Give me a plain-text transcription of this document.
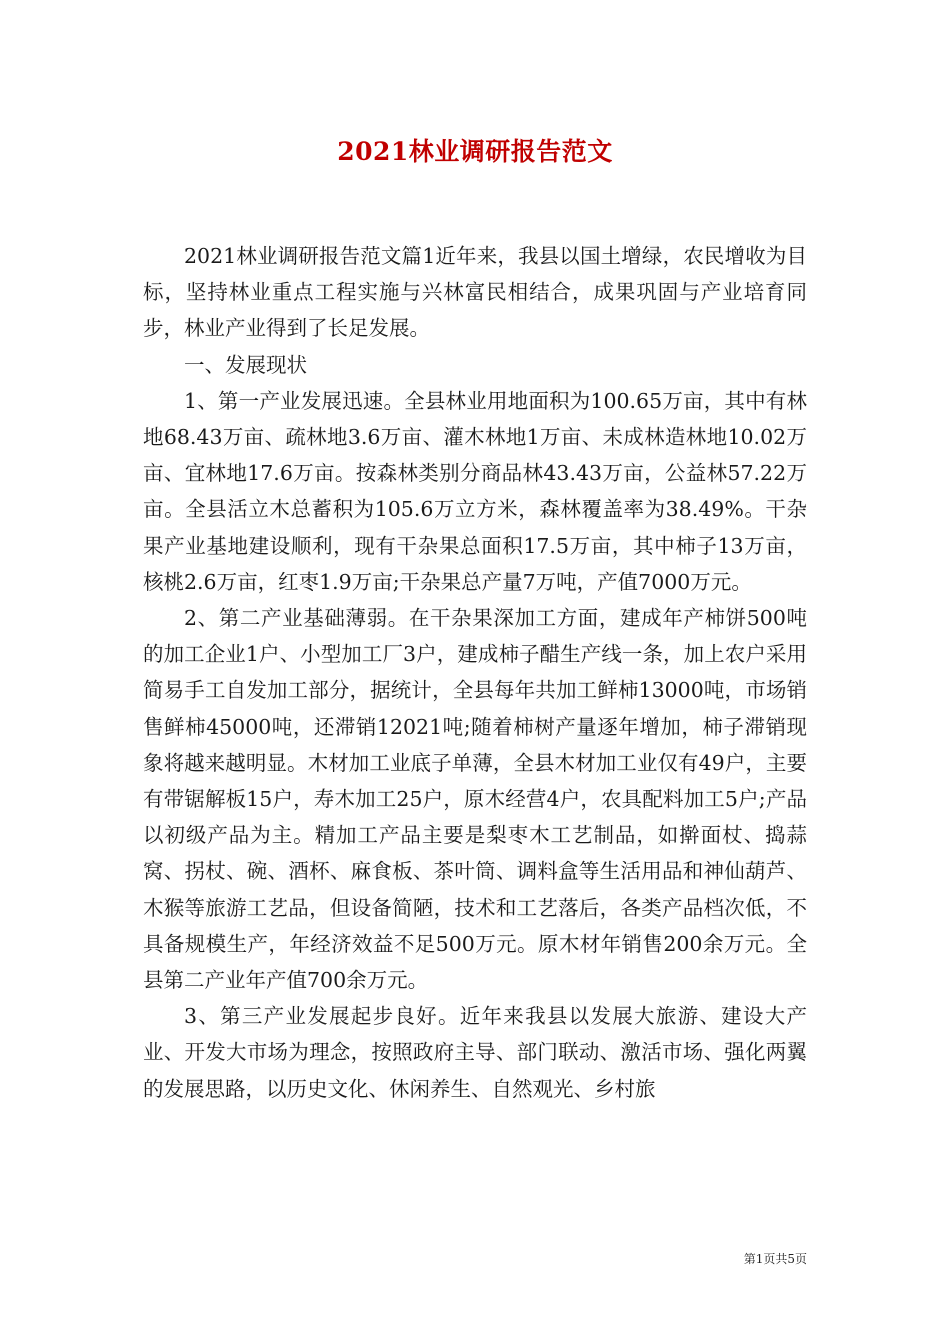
2021林业调研报告范文

2021林业调研报告范文篇1近年来，我县以国土增绿，农民增收为目标，坚持林业重点工程实施与兴林富民相结合，成果巩固与产业培育同步，林业产业得到了长足发展。

一、发展现状

1、第一产业发展迅速。全县林业用地面积为100.65万亩，其中有林地68.43万亩、疏林地3.6万亩、灌木林地1万亩、未成林造林地10.02万亩、宜林地17.6万亩。按森林类别分商品林43.43万亩，公益林57.22万亩。全县活立木总蓄积为105.6万立方米，森林覆盖率为38.49%。干杂果产业基地建设顺利，现有干杂果总面积17.5万亩，其中柿子13万亩，核桃2.6万亩，红枣1.9万亩;干杂果总产量7万吨，产值7000万元。

2、第二产业基础薄弱。在干杂果深加工方面，建成年产柿饼500吨的加工企业1户、小型加工厂3户，建成柿子醋生产线一条，加上农户采用简易手工自发加工部分，据统计，全县每年共加工鲜柿13000吨，市场销售鲜柿45000吨，还滞销12021吨;随着柿树产量逐年增加，柿子滞销现象将越来越明显。木材加工业底子单薄，全县木材加工业仅有49户，主要有带锯解板15户，寿木加工25户，原木经营4户，农具配料加工5户;产品以初级产品为主。精加工产品主要是梨枣木工艺制品，如擀面杖、捣蒜窝、拐杖、碗、酒杯、麻食板、茶叶筒、调料盒等生活用品和神仙葫芦、木猴等旅游工艺品，但设备简陋，技术和工艺落后，各类产品档次低，不具备规模生产，年经济效益不足500万元。原木材年销售200余万元。全县第二产业年产值700余万元。

3、第三产业发展起步良好。近年来我县以发展大旅游、建设大产业、开发大市场为理念，按照政府主导、部门联动、激活市场、强化两翼的发展思路，以历史文化、休闲养生、自然观光、乡村旅

第1页共5页
